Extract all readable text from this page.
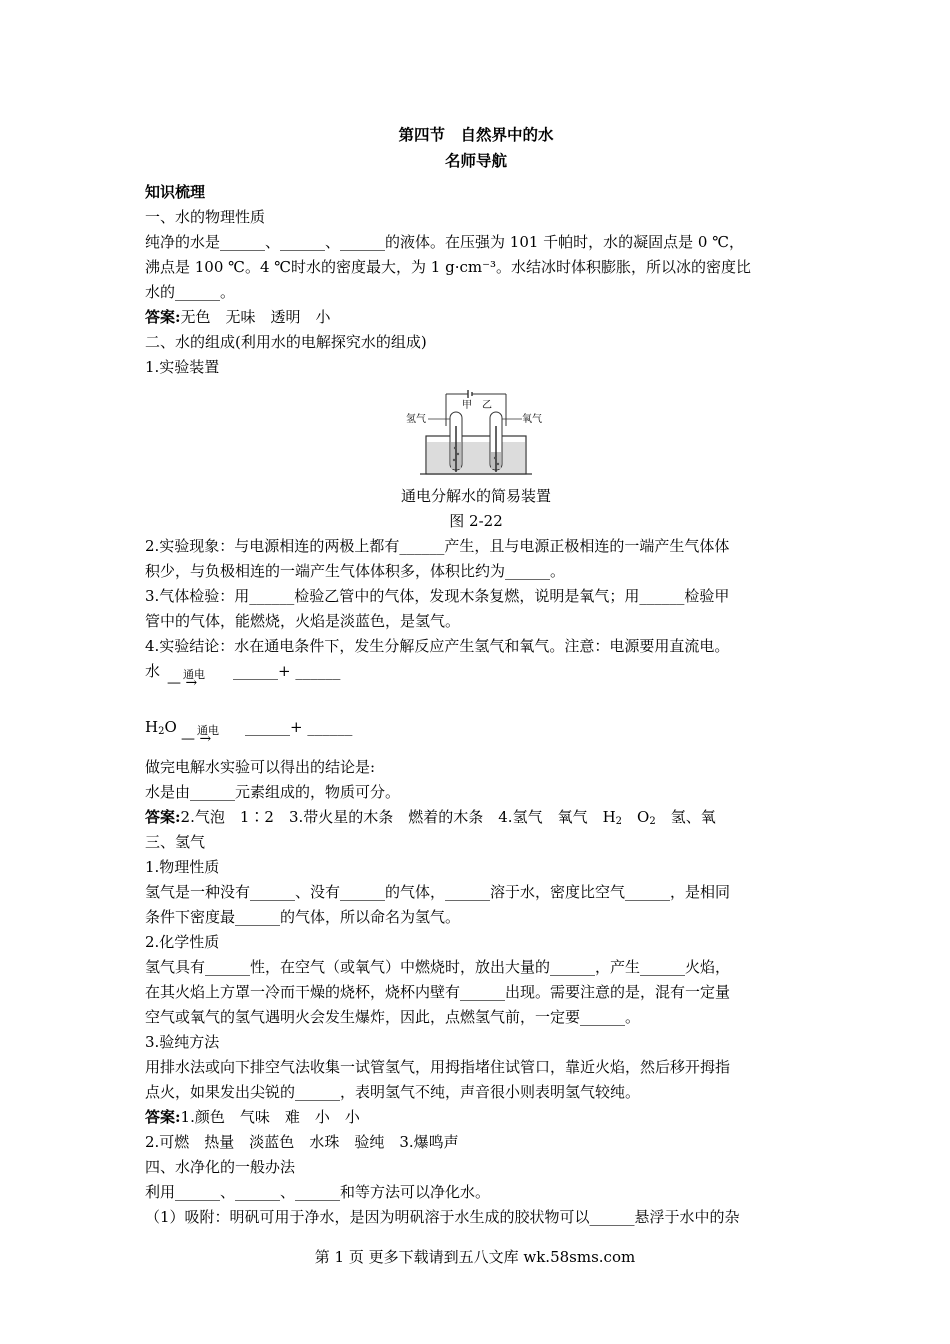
第四节　自然界中的水

名师导航

知识梳理

一、水的物理性质

纯净的水是______、______、______的液体。在压强为 101 千帕时，水的凝固点是 0 ℃，

沸点是 100 ℃。4 ℃时水的密度最大，为 1 g·cm⁻³。水结冰时体积膨胀，所以冰的密度比

水的______。

答案:无色　无味　透明　小

二、水的组成(利用水的电解探究水的组成)

1.实验装置

甲 乙
氢气	氧气

通电分解水的简易装置

图 2-22

2.实验现象：与电源相连的两极上都有______产生，且与电源正极相连的一端产生气体体

积少，与负极相连的一端产生气体体积多，体积比约为______。

3.气体检验：用______检验乙管中的气体，发现木条复燃，说明是氧气；用______检验甲

管中的气体，能燃烧，火焰是淡蓝色，是氢气。

4.实验结论：水在通电条件下，发生分解反应产生氢气和氧气。注意：电源要用直流电。

水 通电
— →
______+ ______
$H_2O$ 通电
— →
______+ ______

做完电解水实验可以得出的结论是:

水是由______元素组成的，物质可分。

答案:2.气泡　1∶2　3.带火星的木条　燃着的木条　4.氢气　氧气　$H_2$　$O_2$　氢、氧

三、氢气

1.物理性质

氢气是一种没有______、没有______的气体，______溶于水，密度比空气______，是相同

条件下密度最______的气体，所以命名为氢气。

2.化学性质

氢气具有______性，在空气（或氧气）中燃烧时，放出大量的______，产生______火焰，

在其火焰上方罩一冷而干燥的烧杯，烧杯内壁有______出现。需要注意的是，混有一定量

空气或氧气的氢气遇明火会发生爆炸，因此，点燃氢气前，一定要______。

3.验纯方法

用排水法或向下排空气法收集一试管氢气，用拇指堵住试管口，靠近火焰，然后移开拇指

点火，如果发出尖锐的______，表明氢气不纯，声音很小则表明氢气较纯。

答案:1.颜色　气味　难　小　小

2.可燃　热量　淡蓝色　水珠　验纯　3.爆鸣声

四、水净化的一般办法

利用______、______、______和等方法可以净化水。

（1）吸附：明矾可用于净水，是因为明矾溶于水生成的胶状物可以______悬浮于水中的杂

第 1 页 更多下载请到五八文库 wk.58sms.com
